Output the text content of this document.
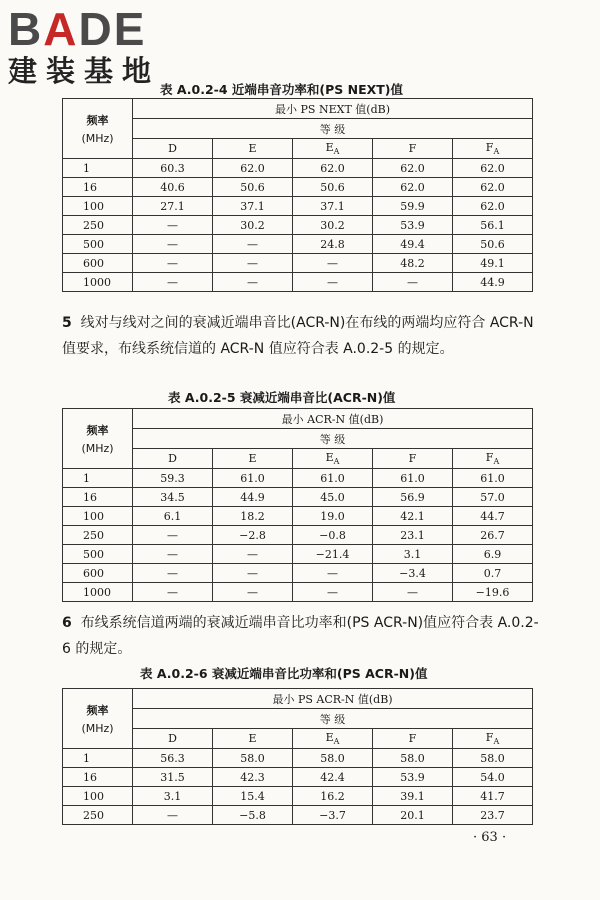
BADE
建装基地
表 A.0.2-4 近端串音功率和(PS NEXT)值
频率
(MHz)	最小 PS NEXT 值(dB)				
	等 级				
	D	E	$E_A$	F	$F_A$
1	60.3	62.0	62.0	62.0	62.0
16	40.6	50.6	50.6	62.0	62.0
100	27.1	37.1	37.1	59.9	62.0
250	—	30.2	30.2	53.9	56.1
500	—	—	24.8	49.4	50.6
600	—	—	—	48.2	49.1
1000	—	—	—	—	44.9
5 线对与线对之间的衰减近端串音比(ACR-N)在布线的两端均应符合 ACR-N 值要求，布线系统信道的 ACR-N 值应符合表 A.0.2-5 的规定。
表 A.0.2-5 衰减近端串音比(ACR-N)值
频率
(MHz)	最小 ACR-N 值(dB)				
	等 级				
	D	E	$E_A$	F	$F_A$
1	59.3	61.0	61.0	61.0	61.0
16	34.5	44.9	45.0	56.9	57.0
100	6.1	18.2	19.0	42.1	44.7
250	—	−2.8	−0.8	23.1	26.7
500	—	—	−21.4	3.1	6.9
600	—	—	—	−3.4	0.7
1000	—	—	—	—	−19.6
6 布线系统信道两端的衰减近端串音比功率和(PS ACR-N)值应符合表 A.0.2-6 的规定。
表 A.0.2-6 衰减近端串音比功率和(PS ACR-N)值
频率
(MHz)	最小 PS ACR-N 值(dB)				
	等 级				
	D	E	$E_A$	F	$F_A$
1	56.3	58.0	58.0	58.0	58.0
16	31.5	42.3	42.4	53.9	54.0
100	3.1	15.4	16.2	39.1	41.7
250	—	−5.8	−3.7	20.1	23.7
· 63 ·
